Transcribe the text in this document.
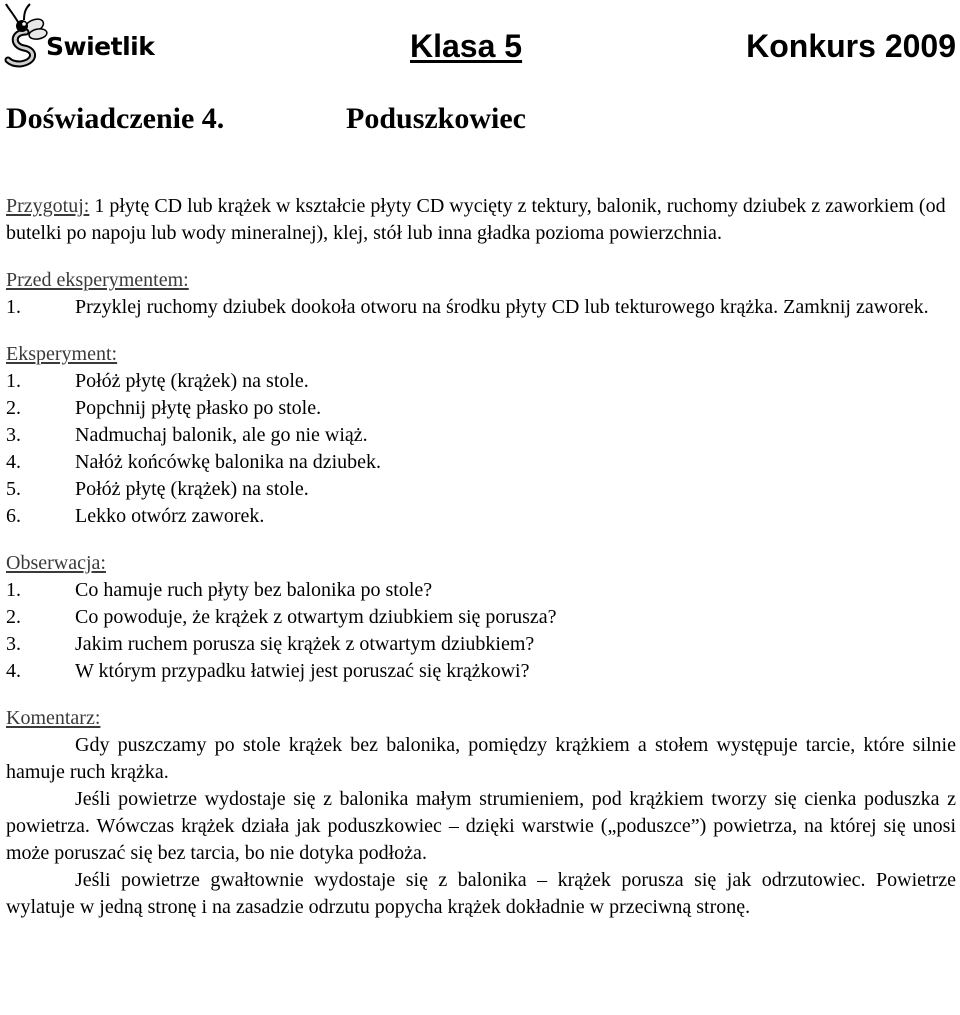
Swietlik	Klasa 5	Konkurs 2009
Doświadczenie 4.	Poduszkowiec

Przygotuj: 1 płytę CD lub krążek w kształcie płyty CD wycięty z tektury, balonik, ruchomy dziubek z zaworkiem (od butelki po napoju lub wody mineralnej), klej, stół lub inna gładka pozioma powierzchnia.

Przed eksperymentem:
1.	Przyklej ruchomy dziubek dookoła otworu na środku płyty CD lub tekturowego krążka. Zamknij zaworek.
Eksperyment:
1.	Połóż płytę (krążek) na stole.
2.	Popchnij płytę płasko po stole.
3.	Nadmuchaj balonik, ale go nie wiąż.
4.	Nałóż końcówkę balonika na dziubek.
5.	Połóż płytę (krążek) na stole.
6.	Lekko otwórz zaworek.
Obserwacja:
1.	Co hamuje ruch płyty bez balonika po stole?
2.	Co powoduje, że krążek z otwartym dziubkiem się porusza?
3.	Jakim ruchem porusza się krążek z otwartym dziubkiem?
4.	W którym przypadku łatwiej jest poruszać się krążkowi?
Komentarz:

Gdy puszczamy po stole krążek bez balonika, pomiędzy krążkiem a stołem występuje tarcie, które silnie hamuje ruch krążka.

Jeśli powietrze wydostaje się z balonika małym strumieniem, pod krążkiem tworzy się cienka poduszka z powietrza. Wówczas krążek działa jak poduszkowiec – dzięki warstwie („poduszce”) powietrza, na której się unosi może poruszać się bez tarcia, bo nie dotyka podłoża.

Jeśli powietrze gwałtownie wydostaje się z balonika – krążek porusza się jak odrzutowiec. Powietrze wylatuje w jedną stronę i na zasadzie odrzutu popycha krążek dokładnie w przeciwną stronę.
